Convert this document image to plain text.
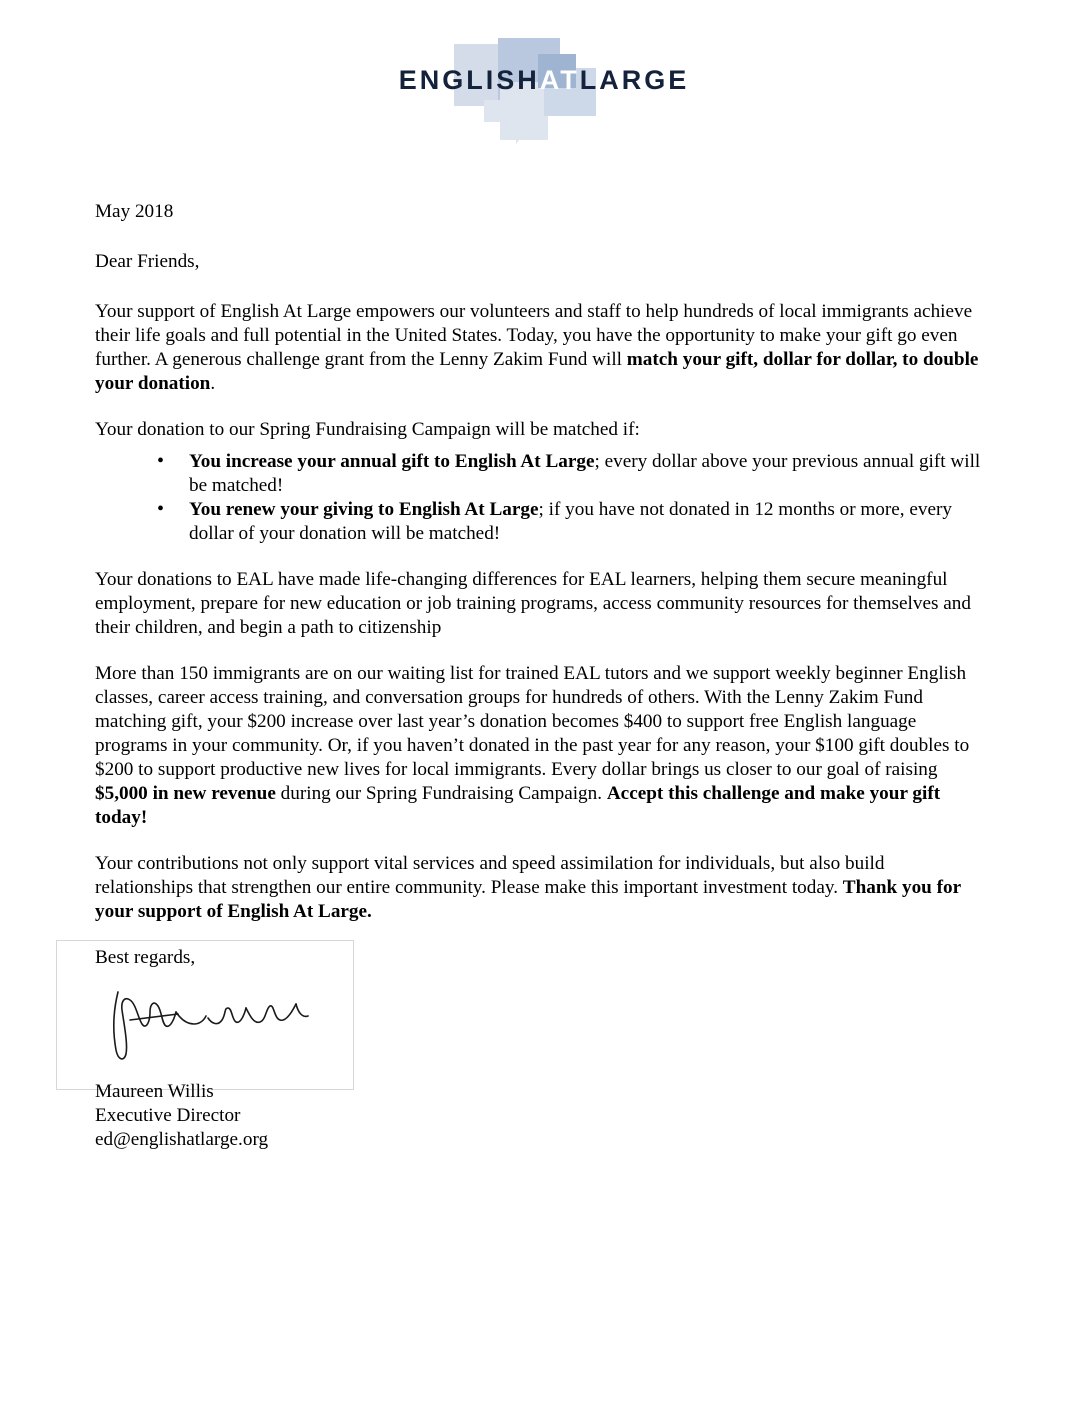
ENGLISHATLARGE

May 2018

Dear Friends,

Your support of English At Large empowers our volunteers and staff to help hundreds of local immigrants achieve their life goals and full potential in the United States. Today, you have the opportunity to make your gift go even further. A generous challenge grant from the Lenny Zakim Fund will match your gift, dollar for dollar, to double your donation.

Your donation to our Spring Fundraising Campaign will be matched if:

• You increase your annual gift to English At Large; every dollar above your previous annual gift will be matched!
• You renew your giving to English At Large; if you have not donated in 12 months or more, every dollar of your donation will be matched!

Your donations to EAL have made life-changing differences for EAL learners, helping them secure meaningful employment, prepare for new education or job training programs, access community resources for themselves and their children, and begin a path to citizenship

More than 150 immigrants are on our waiting list for trained EAL tutors and we support weekly beginner English classes, career access training, and conversation groups for hundreds of others. With the Lenny Zakim Fund matching gift, your $200 increase over last year’s donation becomes $400 to support free English language programs in your community. Or, if you haven’t donated in the past year for any reason, your $100 gift doubles to $200 to support productive new lives for local immigrants. Every dollar brings us closer to our goal of raising $5,000 in new revenue during our Spring Fundraising Campaign. Accept this challenge and make your gift today!

Your contributions not only support vital services and speed assimilation for individuals, but also build relationships that strengthen our entire community. Please make this important investment today. Thank you for your support of English At Large.

Best regards,

Maureen Willis
Executive Director
ed@englishatlarge.org
